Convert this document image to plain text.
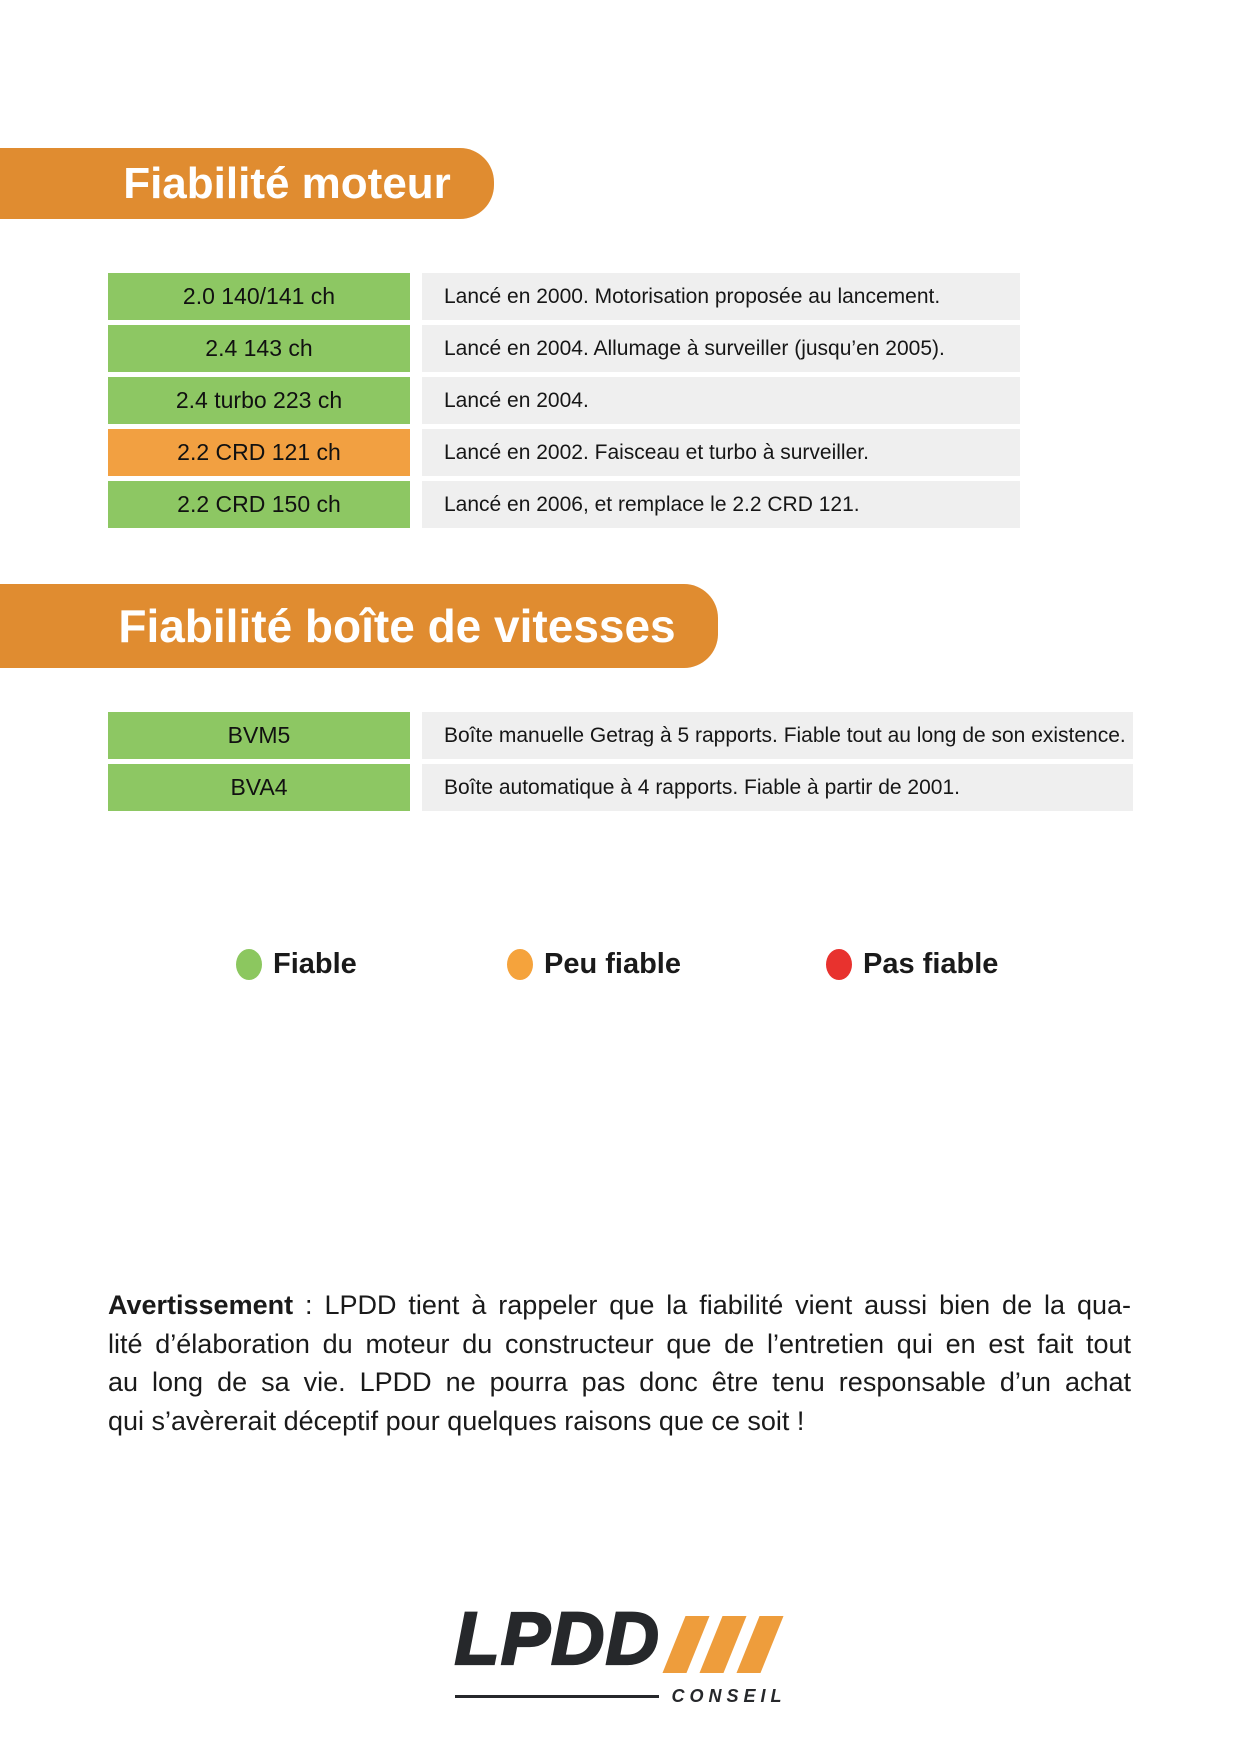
Fiabilité moteur
2.0 140/141 ch	Lancé en 2000. Motorisation proposée au lancement.
2.4 143 ch	Lancé en 2004. Allumage à surveiller (jusqu’en 2005).
2.4 turbo 223 ch	Lancé en 2004.
2.2 CRD 121 ch	Lancé en 2002. Faisceau et turbo à surveiller.
2.2 CRD 150 ch	Lancé en 2006, et remplace le 2.2 CRD 121.
Fiabilité boîte de vitesses
BVM5	Boîte manuelle Getrag à 5 rapports. Fiable tout au long de son existence.
BVA4	Boîte automatique à 4 rapports. Fiable à partir de 2001.
Fiable	Peu fiable	Pas fiable
Avertissement : LPDD tient à rappeler que la fiabilité vient aussi bien de la qua-
lité d’élaboration du moteur du constructeur que de l’entretien qui en est fait tout
au long de sa vie. LPDD ne pourra pas donc être tenu responsable d’un achat
qui s’avèrerait déceptif pour quelques raisons que ce soit !
LPDD
CONSEIL
